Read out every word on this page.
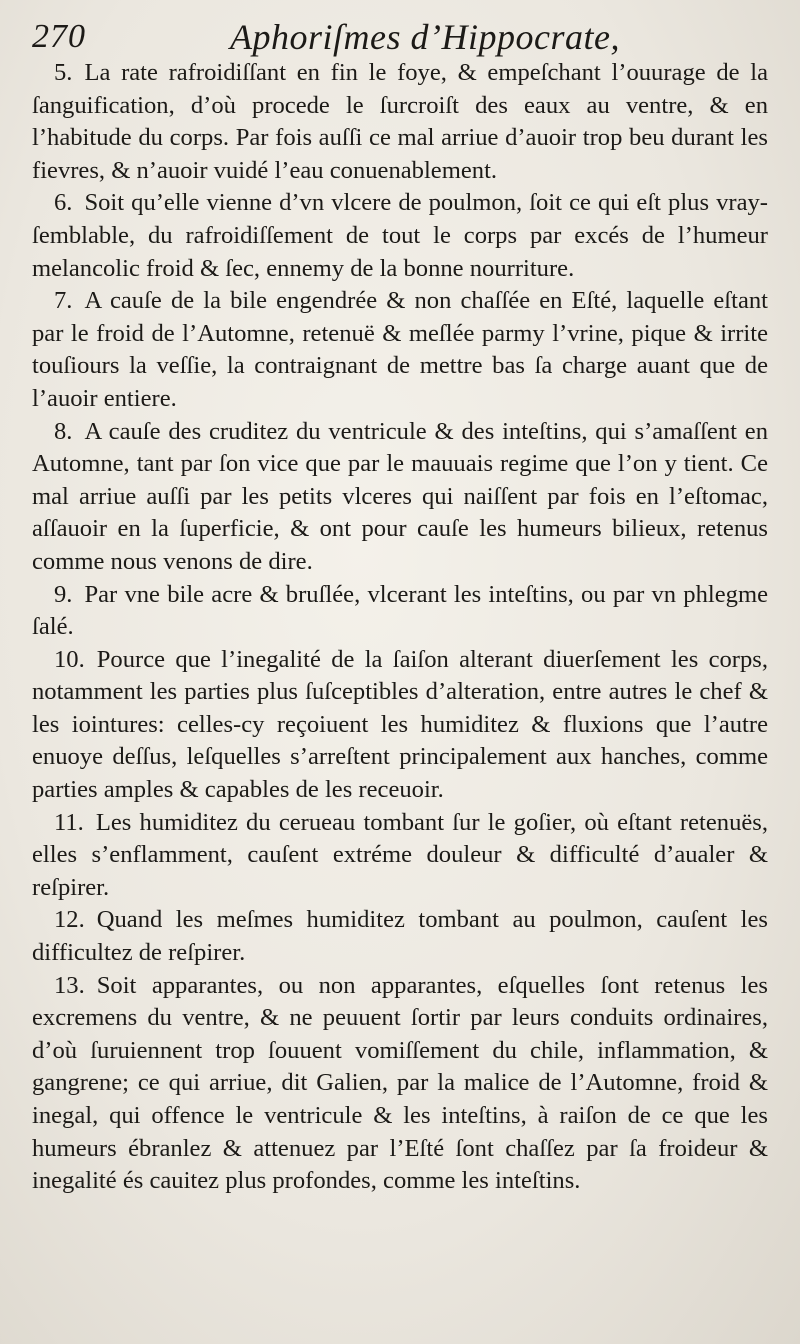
270	Aphoriſmes d’Hippocrate,

5. La rate rafroidiſſant en fin le foye, & empeſchant l’ouurage de la ſanguification, d’où procede le ſurcroiſt des eaux au ventre, & en l’habitude du corps. Par fois auſſi ce mal arriue d’auoir trop beu durant les fievres, & n’auoir vuidé l’eau conuenablement.

6. Soit qu’elle vienne d’vn vlcere de poulmon, ſoit ce qui eſt plus vray-ſemblable, du rafroidiſſement de tout le corps par excés de l’humeur melancolic froid & ſec, ennemy de la bonne nourriture.

7. A cauſe de la bile engendrée & non chaſſée en Eſté, laquelle eſtant par le froid de l’Automne, retenuë & meſlée parmy l’vrine, pique & irrite touſiours la veſſie, la contraignant de mettre bas ſa charge auant que de l’auoir entiere.

8. A cauſe des cruditez du ventricule & des inteſtins, qui s’amaſſent en Automne, tant par ſon vice que par le mauuais regime que l’on y tient. Ce mal arriue auſſi par les petits vlceres qui naiſſent par fois en l’eſtomac, aſſauoir en la ſuperficie, & ont pour cauſe les humeurs bilieux, retenus comme nous venons de dire.

9. Par vne bile acre & bruſlée, vlcerant les inteſtins, ou par vn phlegme ſalé.

10. Pource que l’inegalité de la ſaiſon alterant diuerſement les corps, notamment les parties plus ſuſceptibles d’alteration, entre autres le chef & les iointures: celles-cy reçoiuent les humiditez & fluxions que l’autre enuoye deſſus, leſquelles s’arreſtent principalement aux hanches, comme parties amples & capables de les receuoir.

11. Les humiditez du cerueau tombant ſur le goſier, où eſtant retenuës, elles s’enflamment, cauſent extréme douleur & difficulté d’aualer & reſpirer.

12. Quand les meſmes humiditez tombant au poulmon, cauſent les difficultez de reſpirer.

13. Soit apparantes, ou non apparantes, eſquelles ſont retenus les excremens du ventre, & ne peuuent ſortir par leurs conduits ordinaires, d’où ſuruiennent trop ſouuent vomiſſement du chile, inflammation, & gangrene; ce qui arriue, dit Galien, par la malice de l’Automne, froid & inegal, qui offence le ventricule & les inteſtins, à raiſon de ce que les humeurs ébranlez & attenuez par l’Eſté ſont chaſſez par ſa froideur & inegalité és cauitez plus profondes, comme les inteſtins.
